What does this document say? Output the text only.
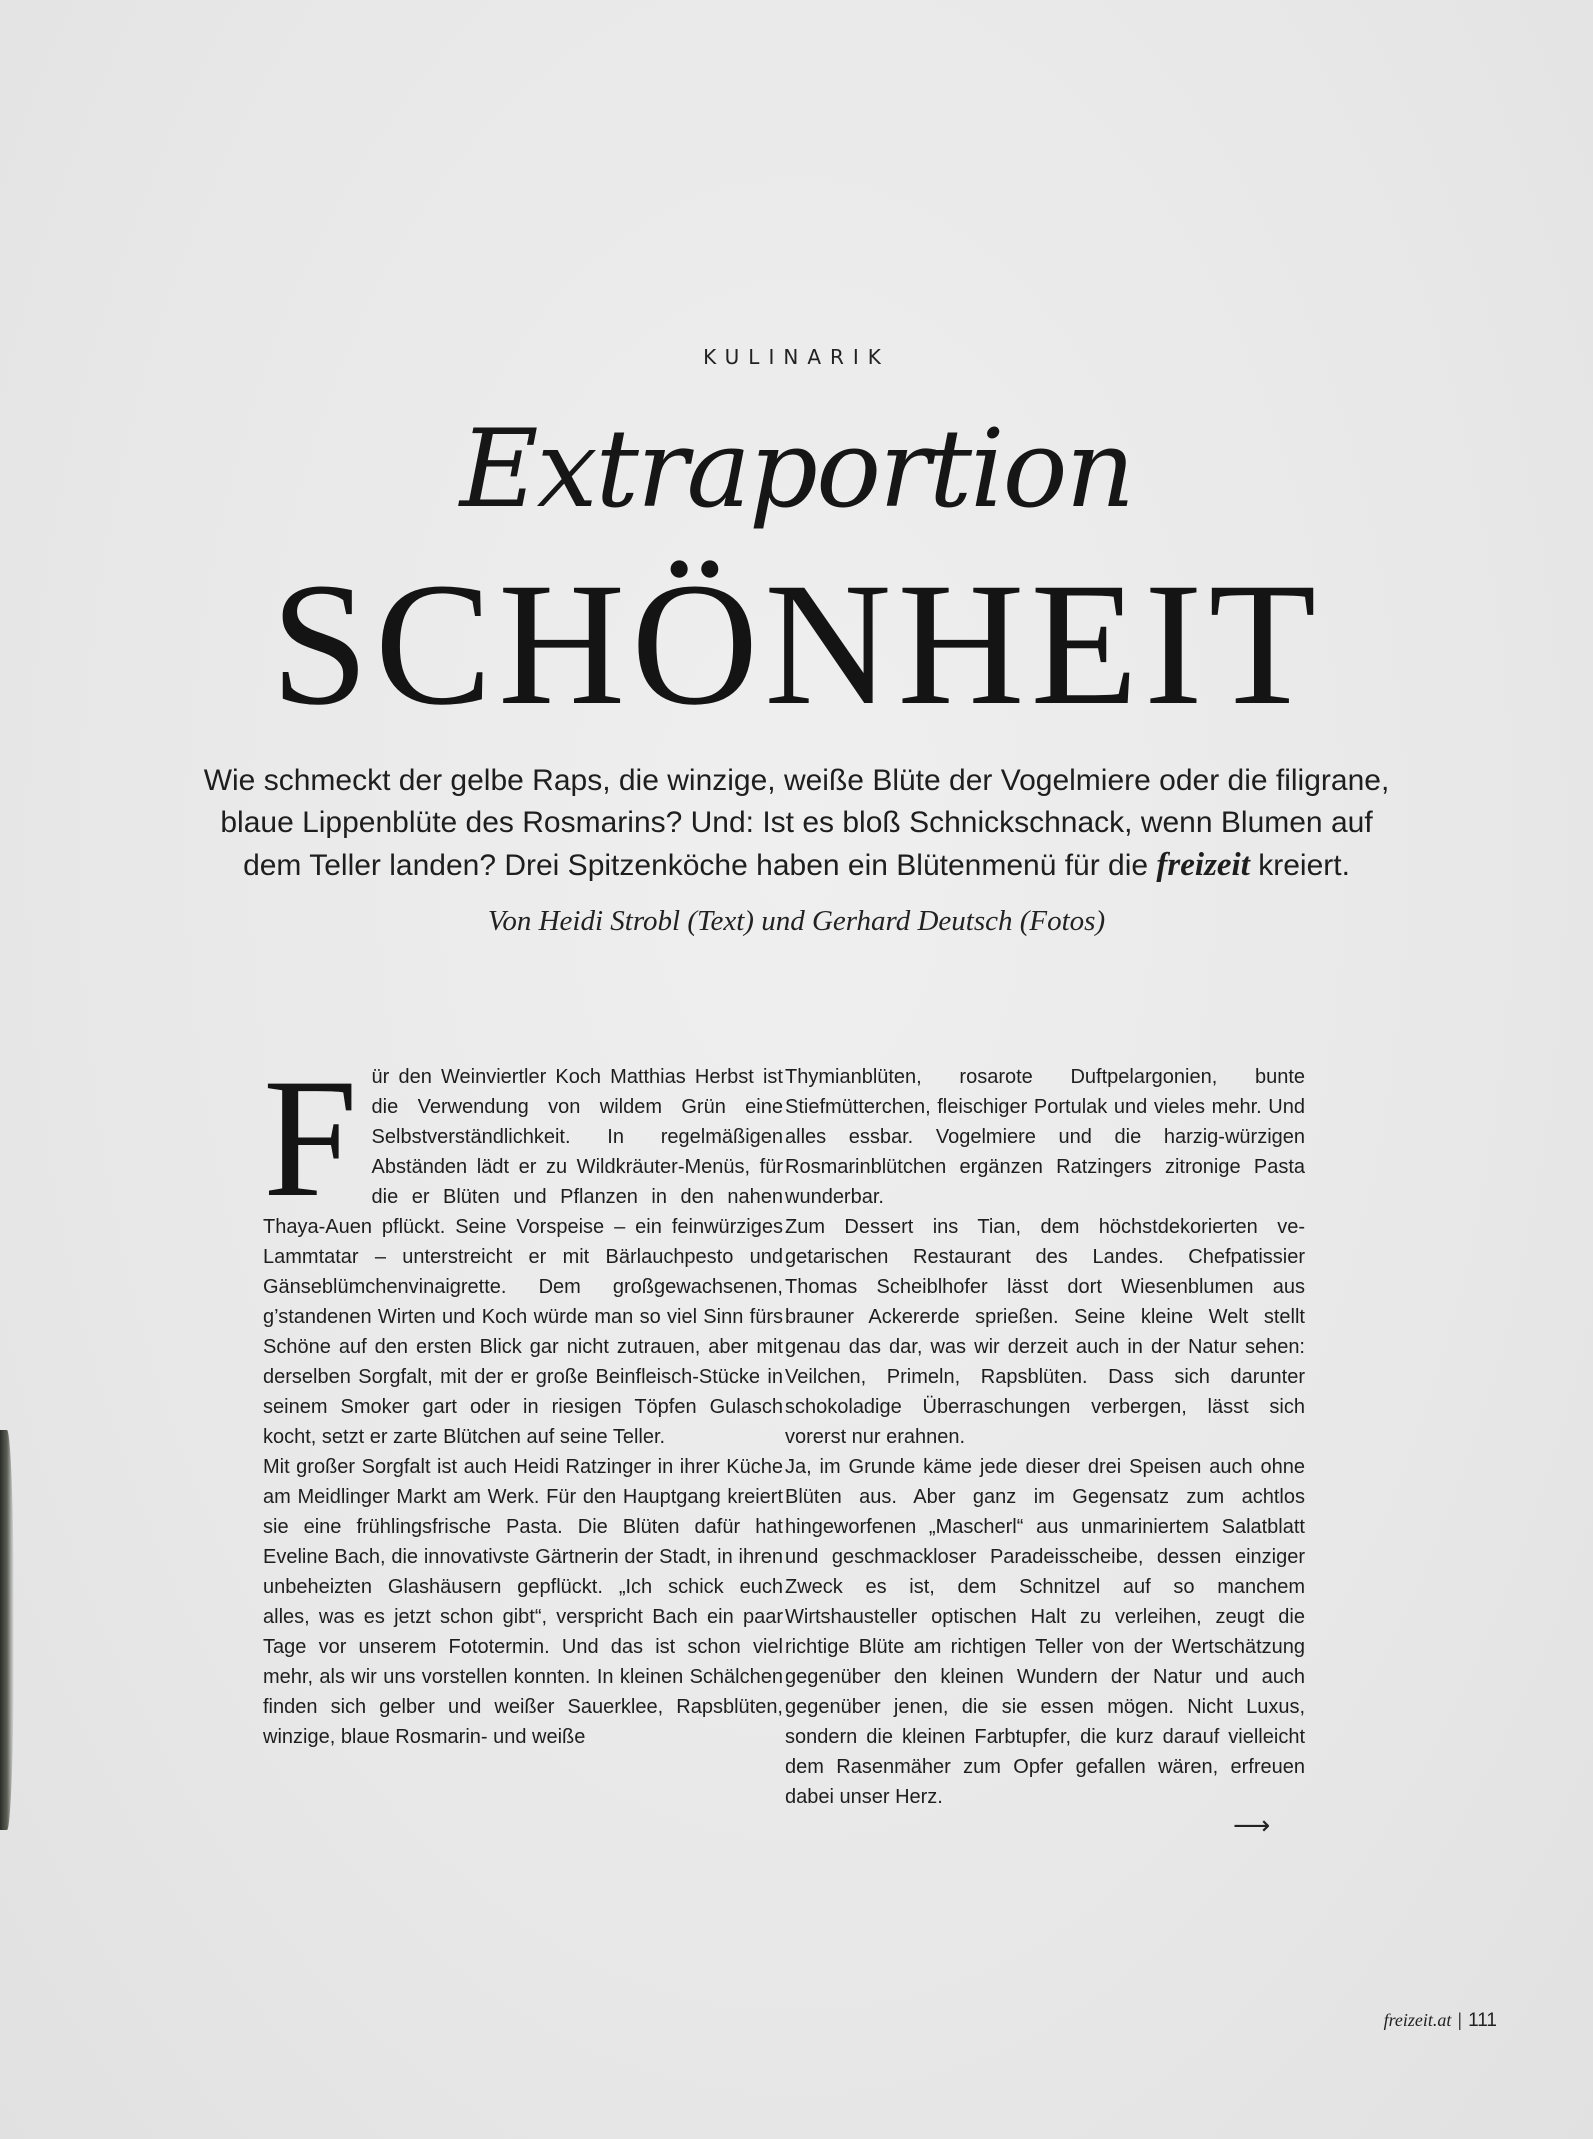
KULINARIK
Extraportion
SCHÖNHEIT
Wie schmeckt der gelbe Raps, die winzige, weiße Blüte der Vogelmiere oder die filigrane, blaue Lippenblüte des Rosmarins? Und: Ist es bloß Schnickschnack, wenn Blumen auf dem Teller landen? Drei Spitzenköche haben ein Blütenmenü für die freizeit kreiert.
Von Heidi Strobl (Text) und Gerhard Deutsch (Fotos)

Für den Weinviertler Koch Matthias Herbst ist die Verwendung von wildem Grün eine Selbstverständlichkeit. In regelmäßigen Abständen lädt er zu Wildkräuter-Menüs, für die er Blüten und Pflanzen in den nahen Thaya-Auen pflückt. Seine Vorspeise – ein feinwürziges Lammtatar – unterstreicht er mit Bärlauchpesto und Gänseblümchenvinaigrette. Dem großgewachsenen, g’standenen Wirten und Koch würde man so viel Sinn fürs Schöne auf den ersten Blick gar nicht zutrauen, aber mit derselben Sorgfalt, mit der er große Beinfleisch-Stücke in seinem Smoker gart oder in riesigen Töpfen Gulasch kocht, setzt er zarte Blütchen auf seine Teller.

Mit großer Sorgfalt ist auch Heidi Ratzinger in ihrer Küche am Meidlinger Markt am Werk. Für den Hauptgang kreiert sie eine frühlingsfrische Pasta. Die Blüten dafür hat Eveline Bach, die innovativste Gärtnerin der Stadt, in ihren unbeheizten Glashäusern gepflückt. „Ich schick euch alles, was es jetzt schon gibt“, verspricht Bach ein paar Tage vor unserem Fototermin. Und das ist schon viel mehr, als wir uns vorstellen konnten. In kleinen Schälchen finden sich gelber und weißer Sauerklee, Rapsblüten, winzige, blaue Rosmarin- und weiße

Thymianblüten, rosarote Duftpelargonien, bunte Stiefmütterchen, fleischiger Portulak und vieles mehr. Und alles essbar. Vogelmiere und die harzig-würzigen Rosmarinblütchen ergänzen Ratzingers zitronige Pasta wunderbar.

Zum Dessert ins Tian, dem höchstdekorierten vegetarischen Restaurant des Landes. Chefpatissier Thomas Scheiblhofer lässt dort Wiesenblumen aus brauner Ackererde sprießen. Seine kleine Welt stellt genau das dar, was wir derzeit auch in der Natur sehen: Veilchen, Primeln, Rapsblüten. Dass sich darunter schokoladige Überraschungen verbergen, lässt sich vorerst nur erahnen.

Ja, im Grunde käme jede dieser drei Speisen auch ohne Blüten aus. Aber ganz im Gegensatz zum achtlos hingeworfenen „Mascherl“ aus unmariniertem Salatblatt und geschmackloser Paradeisscheibe, dessen einziger Zweck es ist, dem Schnitzel auf so manchem Wirtshausteller optischen Halt zu verleihen, zeugt die richtige Blüte am richtigen Teller von der Wertschätzung gegenüber den kleinen Wundern der Natur und auch gegenüber jenen, die sie essen mögen. Nicht Luxus, sondern die kleinen Farbtupfer, die kurz darauf vielleicht dem Rasenmäher zum Opfer gefallen wären, erfreuen dabei unser Herz.

⟶
freizeit.at | 111
